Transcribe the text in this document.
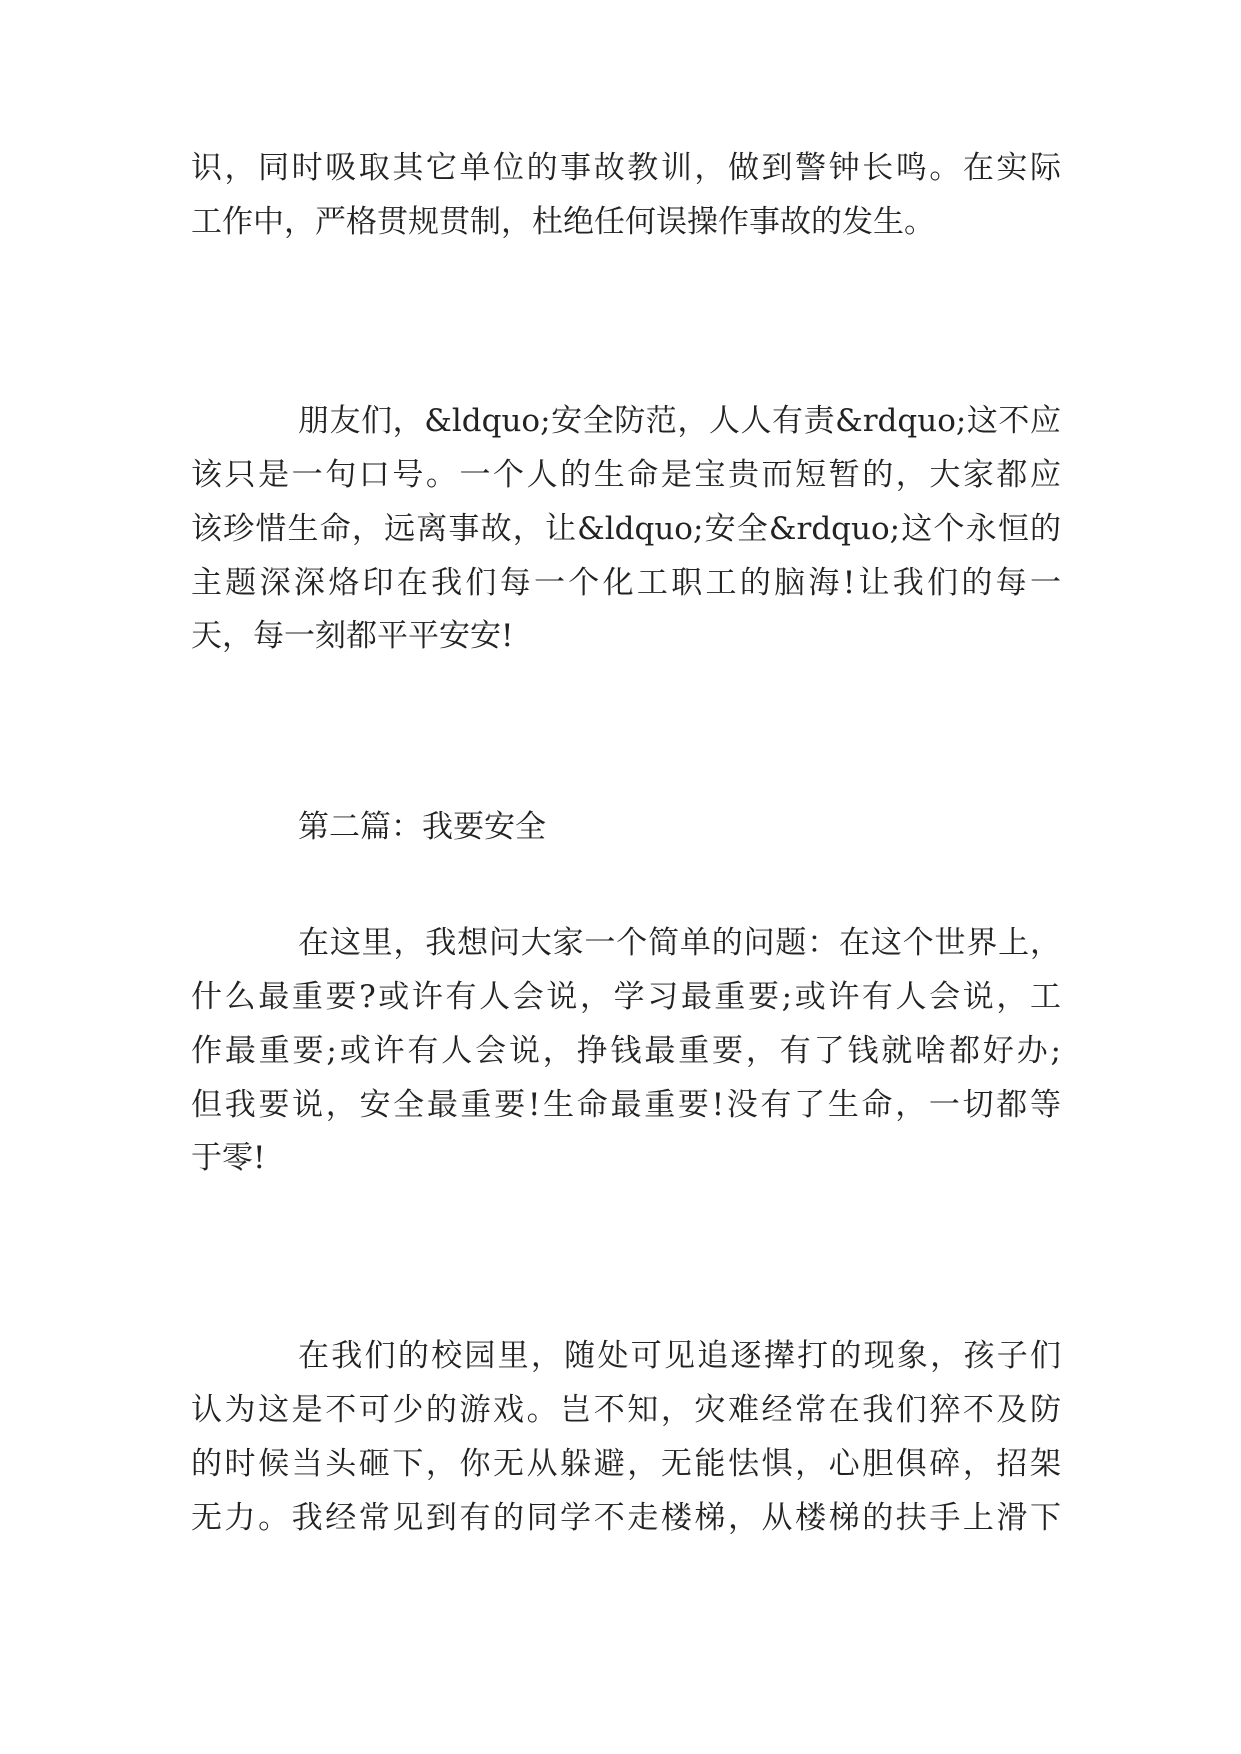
识，同时吸取其它单位的事故教训，做到警钟长鸣。在实际
工作中，严格贯规贯制，杜绝任何误操作事故的发生。
朋友们，&ldquo;安全防范，人人有责&rdquo;这不应
该只是一句口号。一个人的生命是宝贵而短暂的，大家都应
该珍惜生命，远离事故，让&ldquo;安全&rdquo;这个永恒的
主题深深烙印在我们每一个化工职工的脑海!让我们的每一
天，每一刻都平平安安!
第二篇：我要安全
在这里，我想问大家一个简单的问题：在这个世界上，
什么最重要?或许有人会说，学习最重要;或许有人会说，工
作最重要;或许有人会说，挣钱最重要，有了钱就啥都好办;
但我要说，安全最重要!生命最重要!没有了生命，一切都等
于零!
在我们的校园里，随处可见追逐撵打的现象，孩子们
认为这是不可少的游戏。岂不知，灾难经常在我们猝不及防
的时候当头砸下，你无从躲避，无能怯惧，心胆俱碎，招架
无力。我经常见到有的同学不走楼梯，从楼梯的扶手上滑下
